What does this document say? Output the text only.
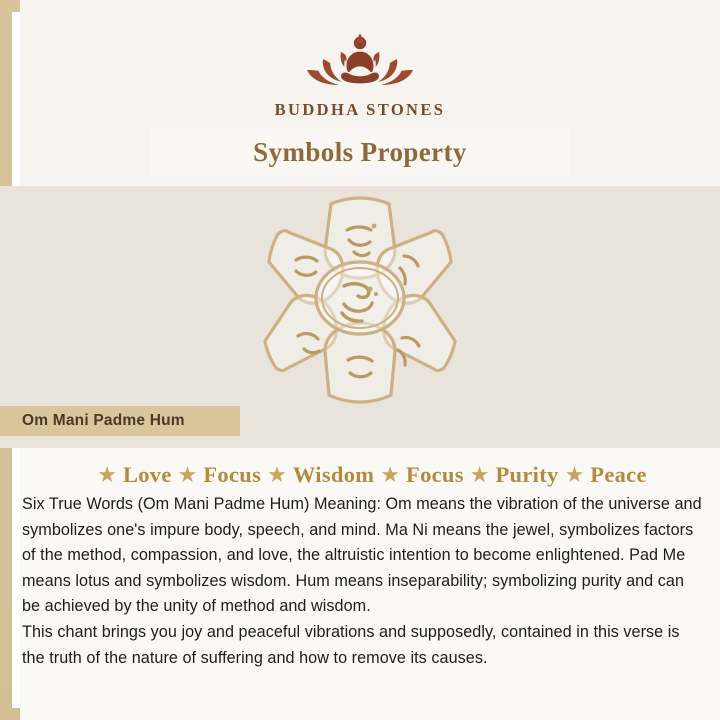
BUDDHA STONES
Symbols Property
Om Mani Padme Hum
★ Love ★ Focus ★ Wisdom ★ Focus ★ Purity ★ Peace

Six True Words (Om Mani Padme Hum) Meaning: Om means the vibration of the universe and symbolizes one's impure body, speech, and mind. Ma Ni means the jewel, symbolizes factors of the method, compassion, and love, the altruistic intention to become enlightened. Pad Me means lotus and symbolizes wisdom. Hum means inseparability; symbolizing purity and can be achieved by the unity of method and wisdom.

This chant brings you joy and peaceful vibrations and supposedly, contained in this verse is the truth of the nature of suffering and how to remove its causes.
